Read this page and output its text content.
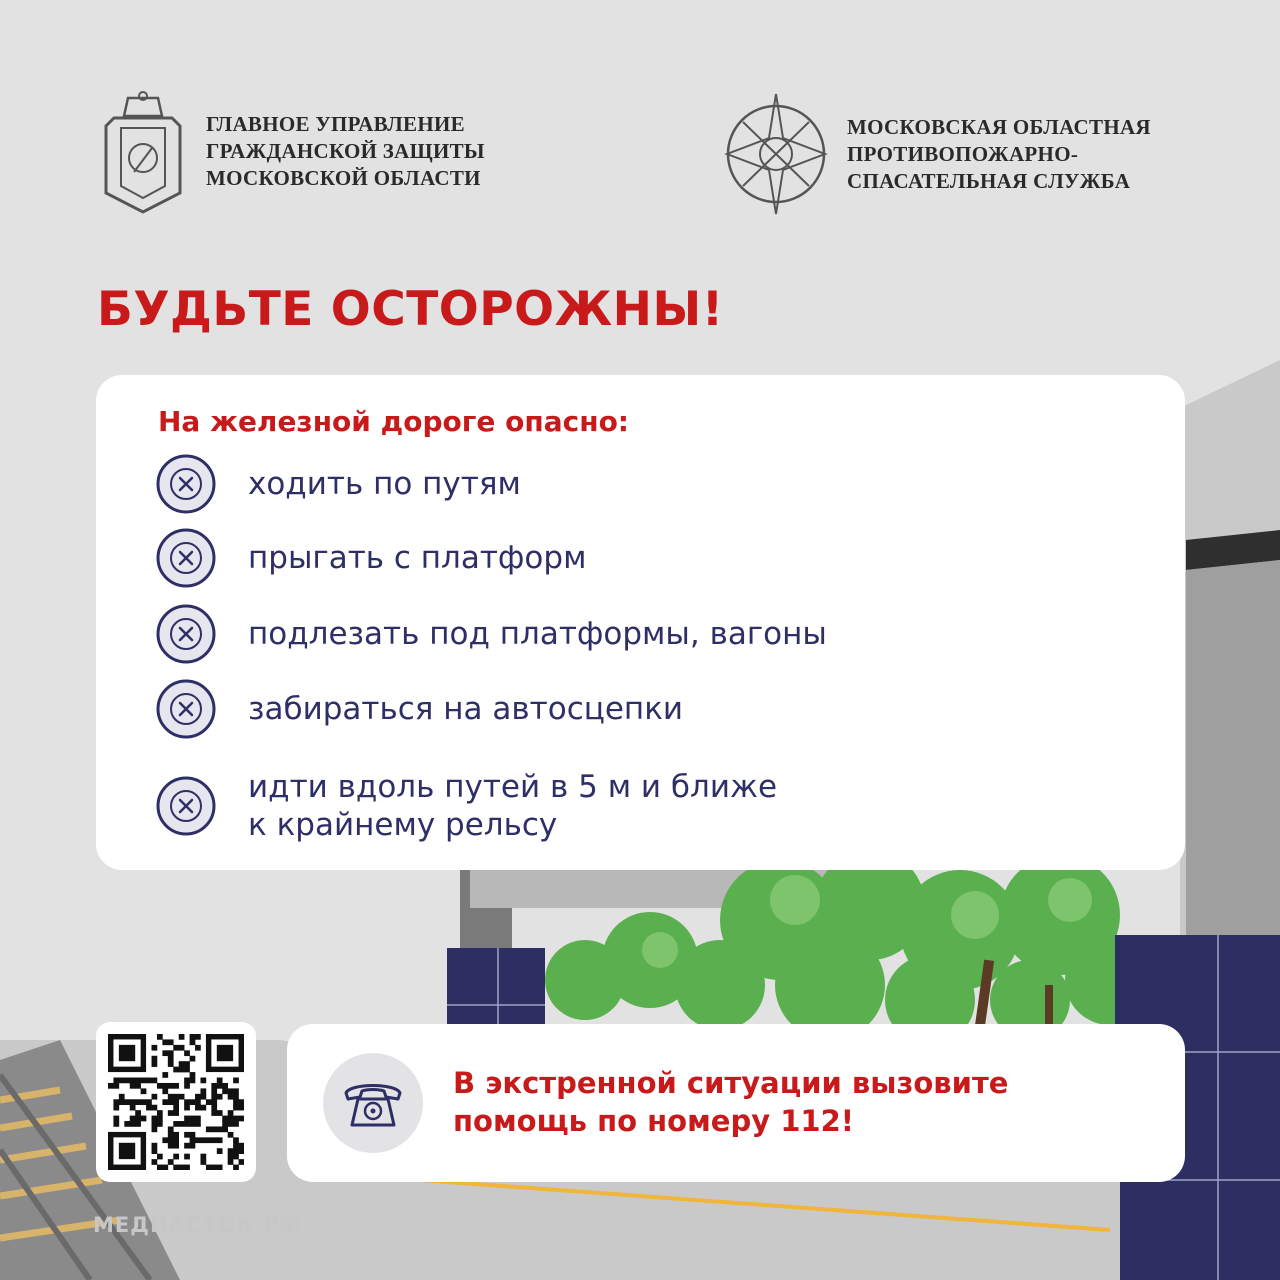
ГЛАВНОЕ УПРАВЛЕНИЕ
ГРАЖДАНСКОЙ ЗАЩИТЫ
МОСКОВСКОЙ ОБЛАСТИ
МОСКОВСКАЯ ОБЛАСТНАЯ
ПРОТИВОПОЖАРНО-
СПАСАТЕЛЬНАЯ СЛУЖБА
БУДЬТЕ ОСТОРОЖНЫ!
На железной дороге опасно:
ходить по путям
прыгать с платформ
подлезать под платформы, вагоны
забираться на автосцепки
идти вдоль путей в 5 м и ближе
к крайнему рельсу
В экстренной ситуации вызовите
помощь по номеру 112!
МЕДИАСТОК.РФ
